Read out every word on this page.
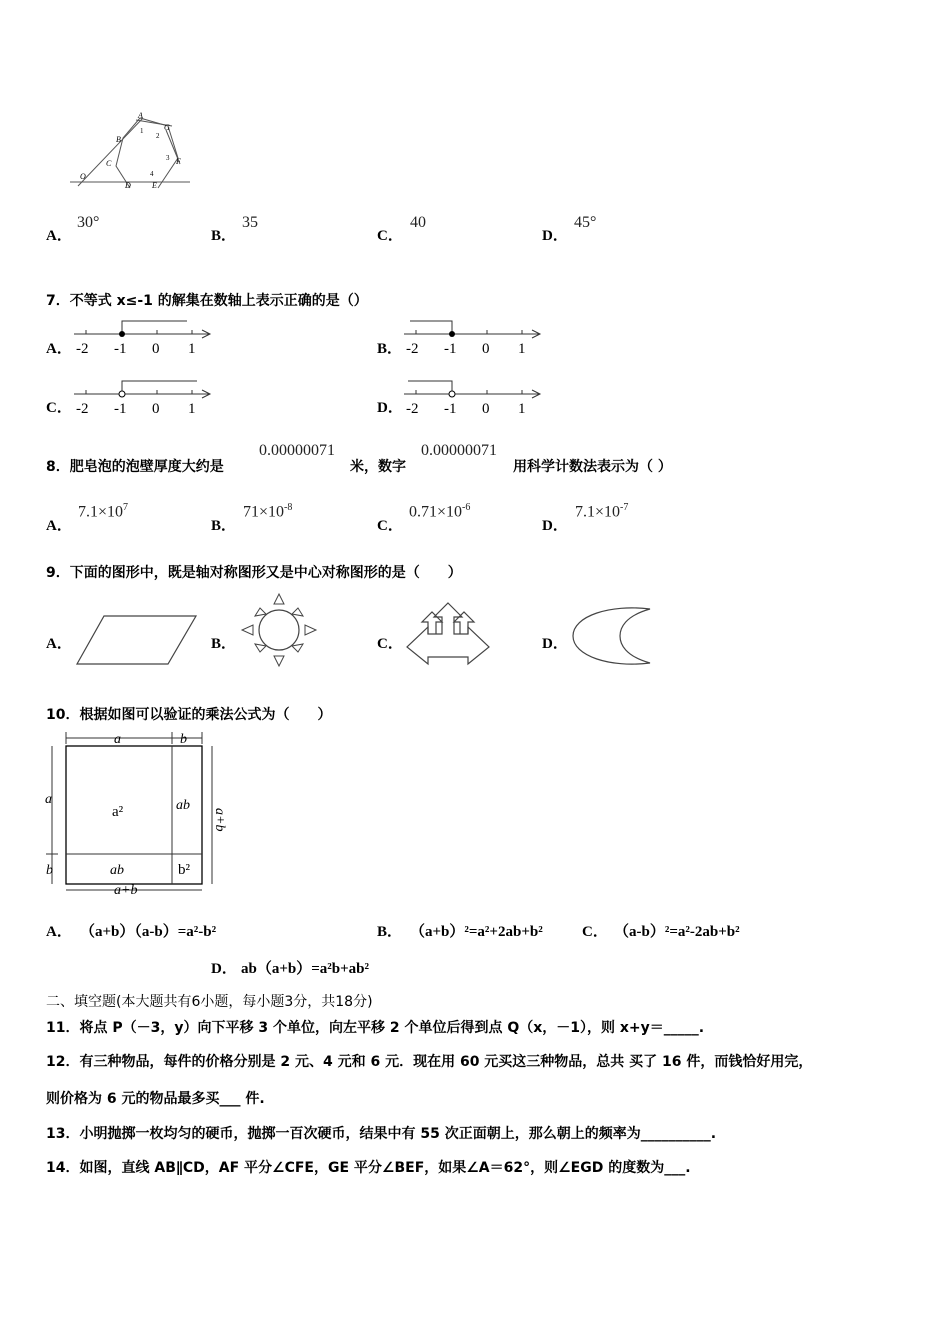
A
G
B
C
O
D	E
F
1
2
3
4
A．
30°
B．
35
C．
40
D．
45°
7．不等式 x≤-1 的解集在数轴上表示正确的是（）
A． -2 -1 0 1	B． -2 -1 0 1
C． -2 -1 0 1	D． -2 -1 0 1
8．肥皂泡的泡壁厚度大约是
0.00000071
米，数字
0.00000071
用科学计数法表示为（ ）
A．
$7.1\times 10^7$
B．
$71\times 10^{-8}$
C．
$0.71\times 10^{-6}$
D．
$7.1\times 10^{-7}$
9．下面的图形中，既是轴对称图形又是中心对称图形的是（　　）
A．	B．	C．	D．
10．根据如图可以验证的乘法公式为（　　）
a	b
a
b
a+b
a+b
a²	ab
ab	b²
A． （a+b）（a-b）=a²-b²	B． （a+b）²=a²+2ab+b²	C． （a-b）²=a²-2ab+b²
D． ab（a+b）=a²b+ab²
二、填空题(本大题共有6小题，每小题3分，共18分)
11．将点 P（－3，y）向下平移 3 个单位，向左平移 2 个单位后得到点 Q（x，－1），则 x+y＝_____.
12．有三种物品，每件的价格分别是 2 元、4 元和 6 元．现在用 60 元买这三种物品，总共 买了 16 件，而钱恰好用完，
则价格为 6 元的物品最多买___ 件.
13．小明抛掷一枚均匀的硬币，抛掷一百次硬币，结果中有 55 次正面朝上，那么朝上的频率为__________.
14．如图，直线 AB∥CD，AF 平分∠CFE，GE 平分∠BEF，如果∠A＝62°，则∠EGD 的度数为___.
